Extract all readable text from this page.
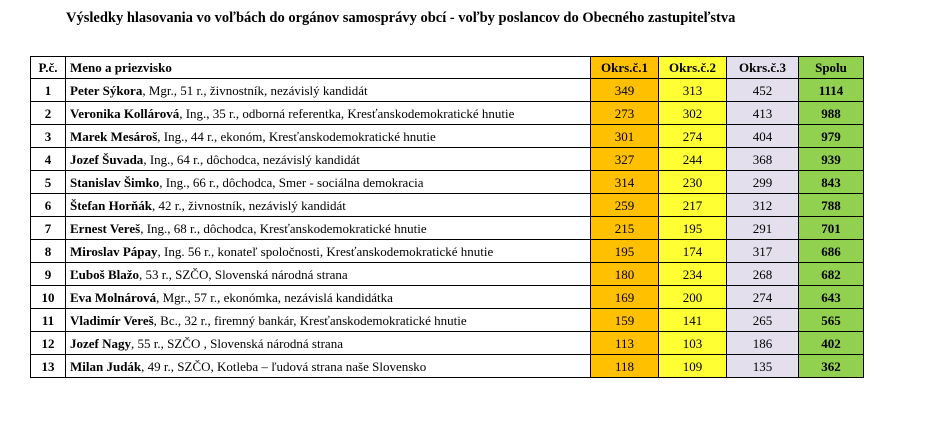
Výsledky hlasovania vo voľbách do orgánov samosprávy obcí - voľby poslancov do Obecného zastupiteľstva
P.č.	Meno a priezvisko	Okrs.č.1	Okrs.č.2	Okrs.č.3	Spolu
1	Peter Sýkora, Mgr., 51 r., živnostník, nezávislý kandidát	349	313	452	1114
2	Veronika Kollárová, Ing., 35 r., odborná referentka, Kresťanskodemokratické hnutie	273	302	413	988
3	Marek Mesároš, Ing., 44 r., ekonóm, Kresťanskodemokratické hnutie	301	274	404	979
4	Jozef Šuvada, Ing., 64 r., dôchodca, nezávislý kandidát	327	244	368	939
5	Stanislav Šimko, Ing., 66 r., dôchodca, Smer - sociálna demokracia	314	230	299	843
6	Štefan Horňák, 42 r., živnostník, nezávislý kandidát	259	217	312	788
7	Ernest Vereš, Ing., 68 r., dôchodca, Kresťanskodemokratické hnutie	215	195	291	701
8	Miroslav Pápay, Ing. 56 r., konateľ spoločnosti, Kresťanskodemokratické hnutie	195	174	317	686
9	Ľuboš Blažo, 53 r., SZČO, Slovenská národná strana	180	234	268	682
10	Eva Molnárová, Mgr., 57 r., ekonómka, nezávislá kandidátka	169	200	274	643
11	Vladimír Vereš, Bc., 32 r., firemný bankár, Kresťanskodemokratické hnutie	159	141	265	565
12	Jozef Nagy, 55 r., SZČO , Slovenská národná strana	113	103	186	402
13	Milan Judák, 49 r., SZČO, Kotleba – ľudová strana naše Slovensko	118	109	135	362
